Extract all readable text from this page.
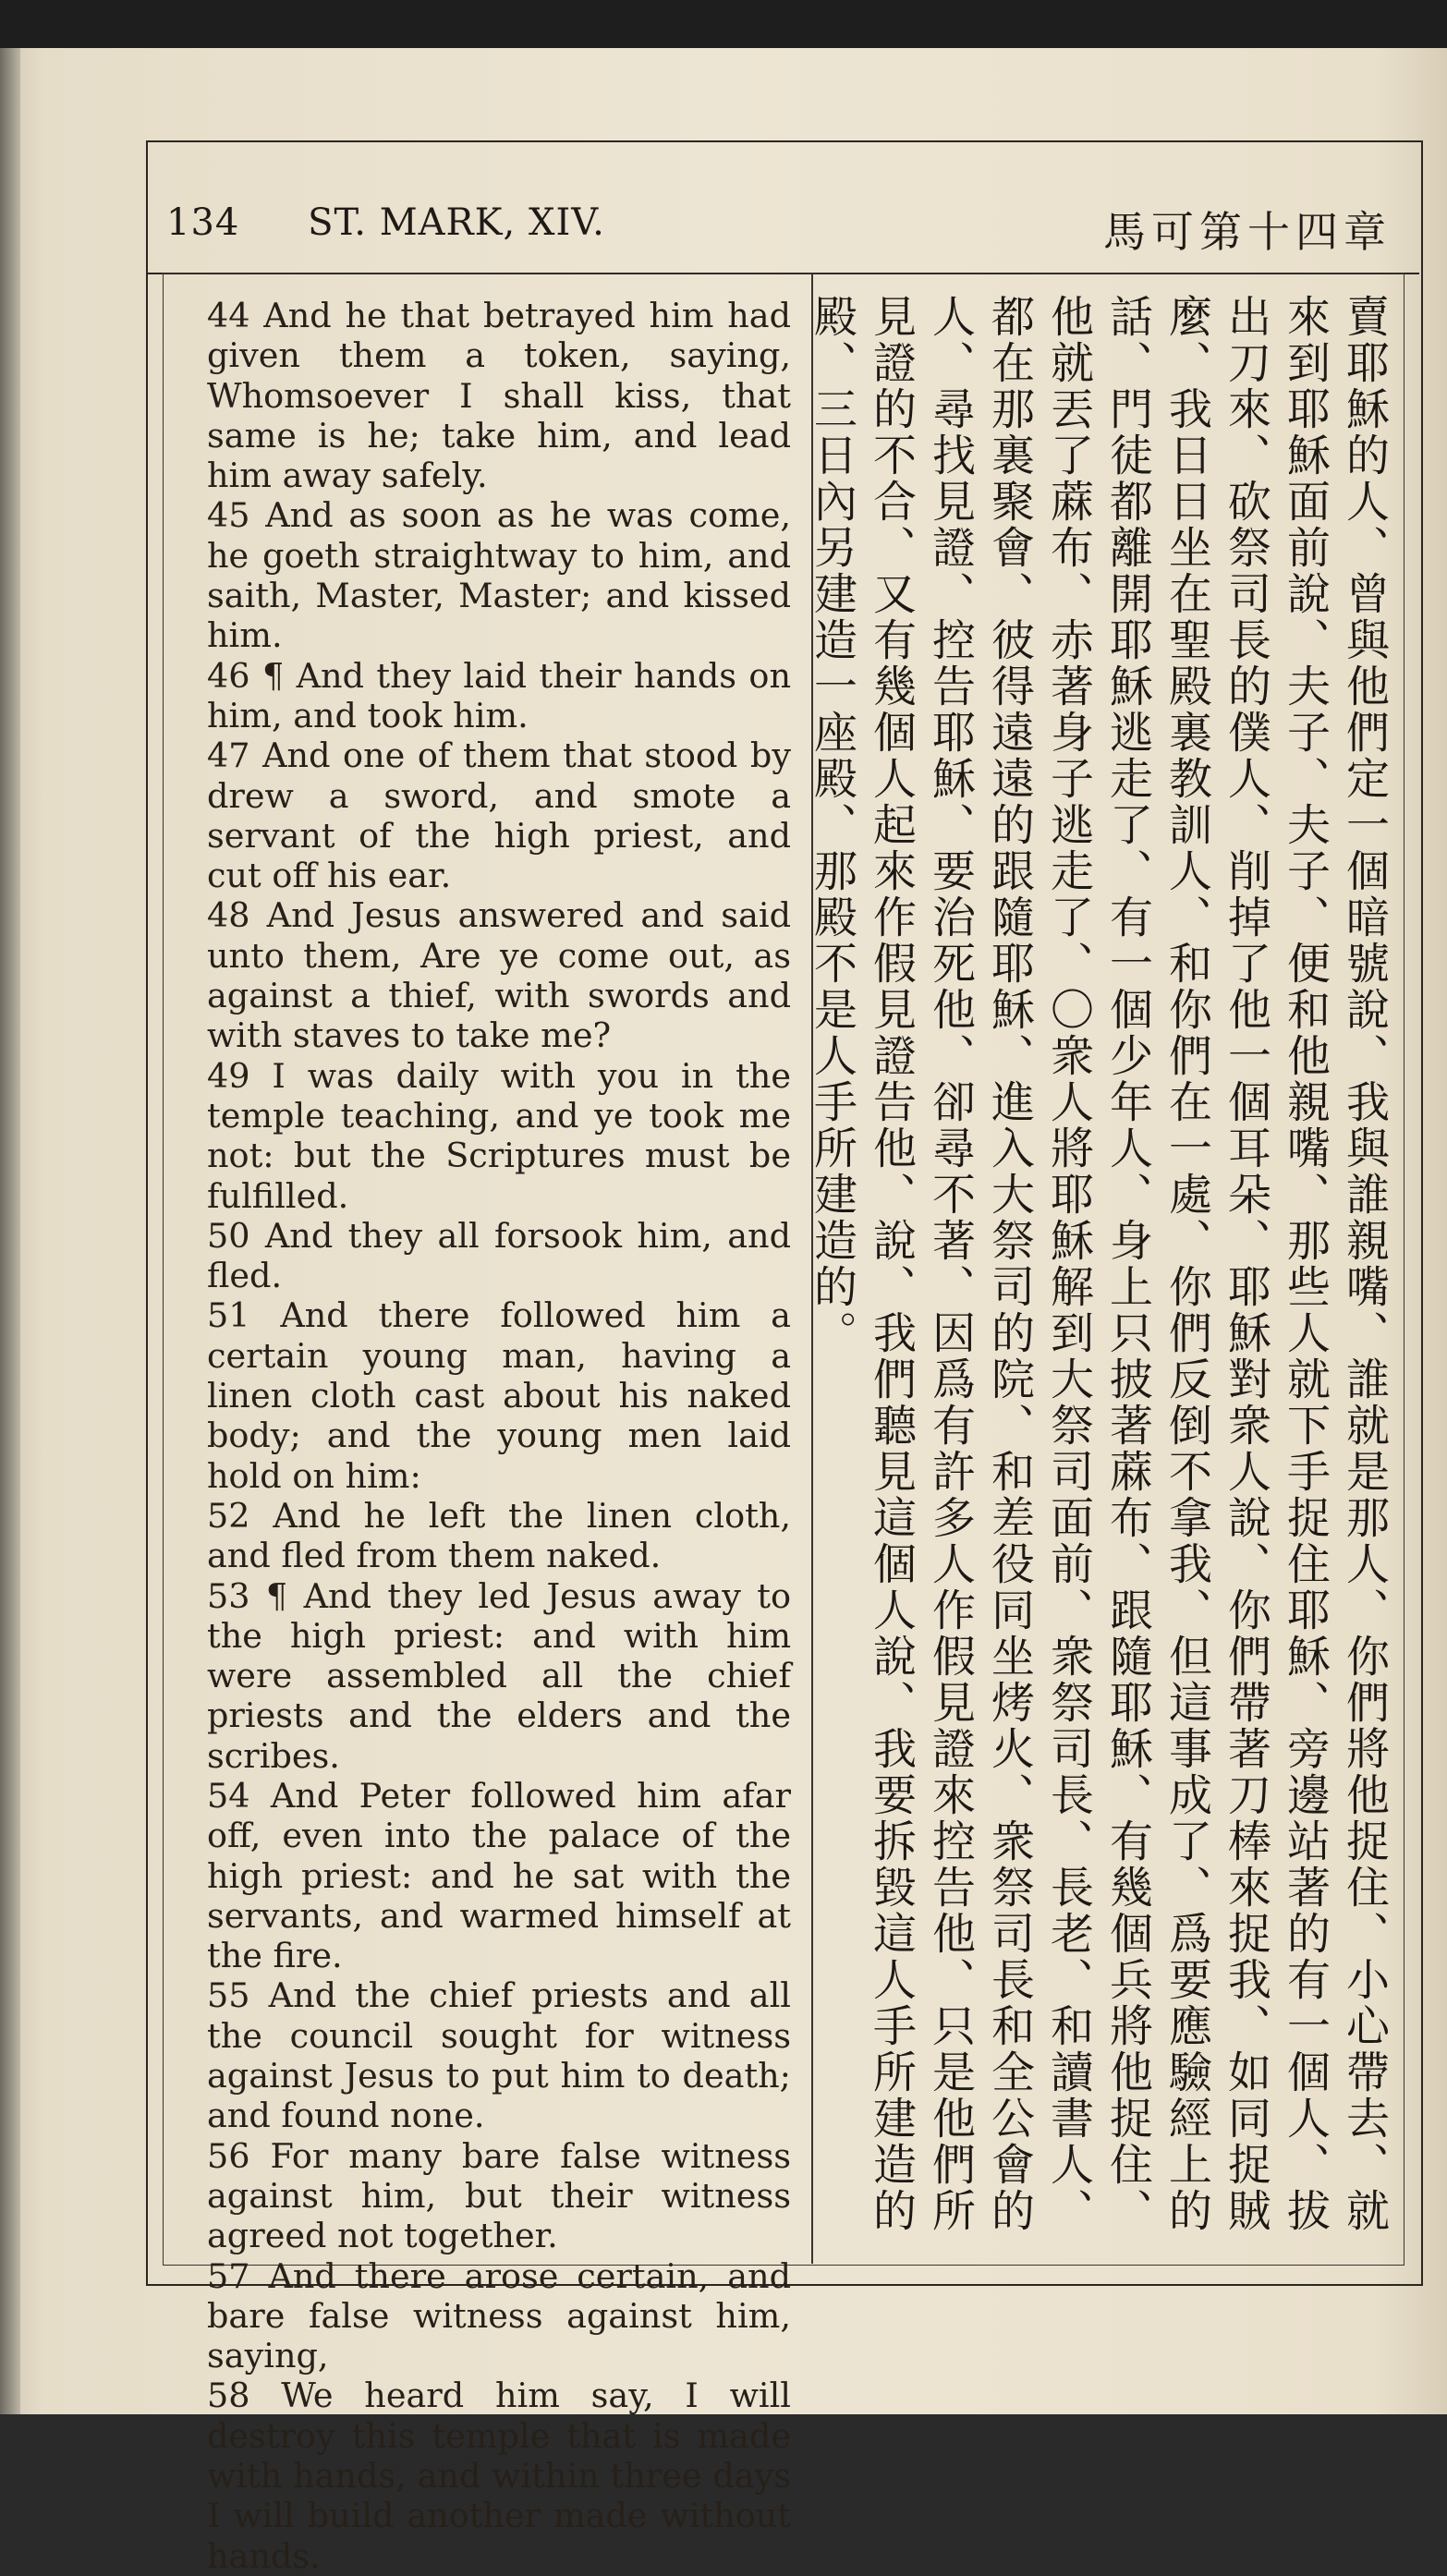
134 ST. MARK, XIV.	馬可第十四章

44 And he that betrayed him had given them a token, saying, Whomsoever I shall kiss, that same is he; take him, and lead him away safely.

45 And as soon as he was come, he goeth straightway to him, and saith, Master, Master; and kissed him.

46 ¶ And they laid their hands on him, and took him.

47 And one of them that stood by drew a sword, and smote a servant of the high priest, and cut off his ear.

48 And Jesus answered and said unto them, Are ye come out, as against a thief, with swords and with staves to take me?

49 I was daily with you in the temple teaching, and ye took me not: but the Scriptures must be fulfilled.

50 And they all forsook him, and fled.

51 And there followed him a certain young man, having a linen cloth cast about his naked body; and the young men laid hold on him:

52 And he left the linen cloth, and fled from them naked.

53 ¶ And they led Jesus away to the high priest: and with him were assembled all the chief priests and the elders and the scribes.

54 And Peter followed him afar off, even into the palace of the high priest: and he sat with the servants, and warmed himself at the fire.

55 And the chief priests and all the council sought for witness against Jesus to put him to death; and found none.

56 For many bare false witness against him, but their witness agreed not together.

57 And there arose certain, and bare false witness against him, saying,

58 We heard him say, I will destroy this temple that is made with hands, and within three days I will build another made without hands.

賣耶穌的人、曾與他們定一個暗號說、我與誰親嘴、誰就是那人、你們將他捉住、小心帶去、就來到耶穌面前說、夫子、夫子、便和他親嘴、那些人就下手捉住耶穌、旁邊站著的有一個人、拔出刀來、砍祭司長的僕人、削掉了他一個耳朵、耶穌對衆人說、你們帶著刀棒來捉我、如同捉賊麼、我日日坐在聖殿裏教訓人、和你們在一處、你們反倒不拿我、但這事成了、爲要應驗經上的話、門徒都離開耶穌逃走了、有一個少年人、身上只披著蔴布、跟隨耶穌、有幾個兵將他捉住、他就丟了蔴布、赤著身子逃走了、〇衆人將耶穌解到大祭司面前、衆祭司長、長老、和讀書人、都在那裏聚會、彼得遠遠的跟隨耶穌、進入大祭司的院、和差役同坐烤火、衆祭司長和全公會的人、尋找見證、控告耶穌、要治死他、卻尋不著、因爲有許多人作假見證來控告他、只是他們所見證的不合、又有幾個人起來作假見證告他、說、我們聽見這個人說、我要拆毀這人手所建造的殿、三日內另建造一座殿、那殿不是人手所建造的。
